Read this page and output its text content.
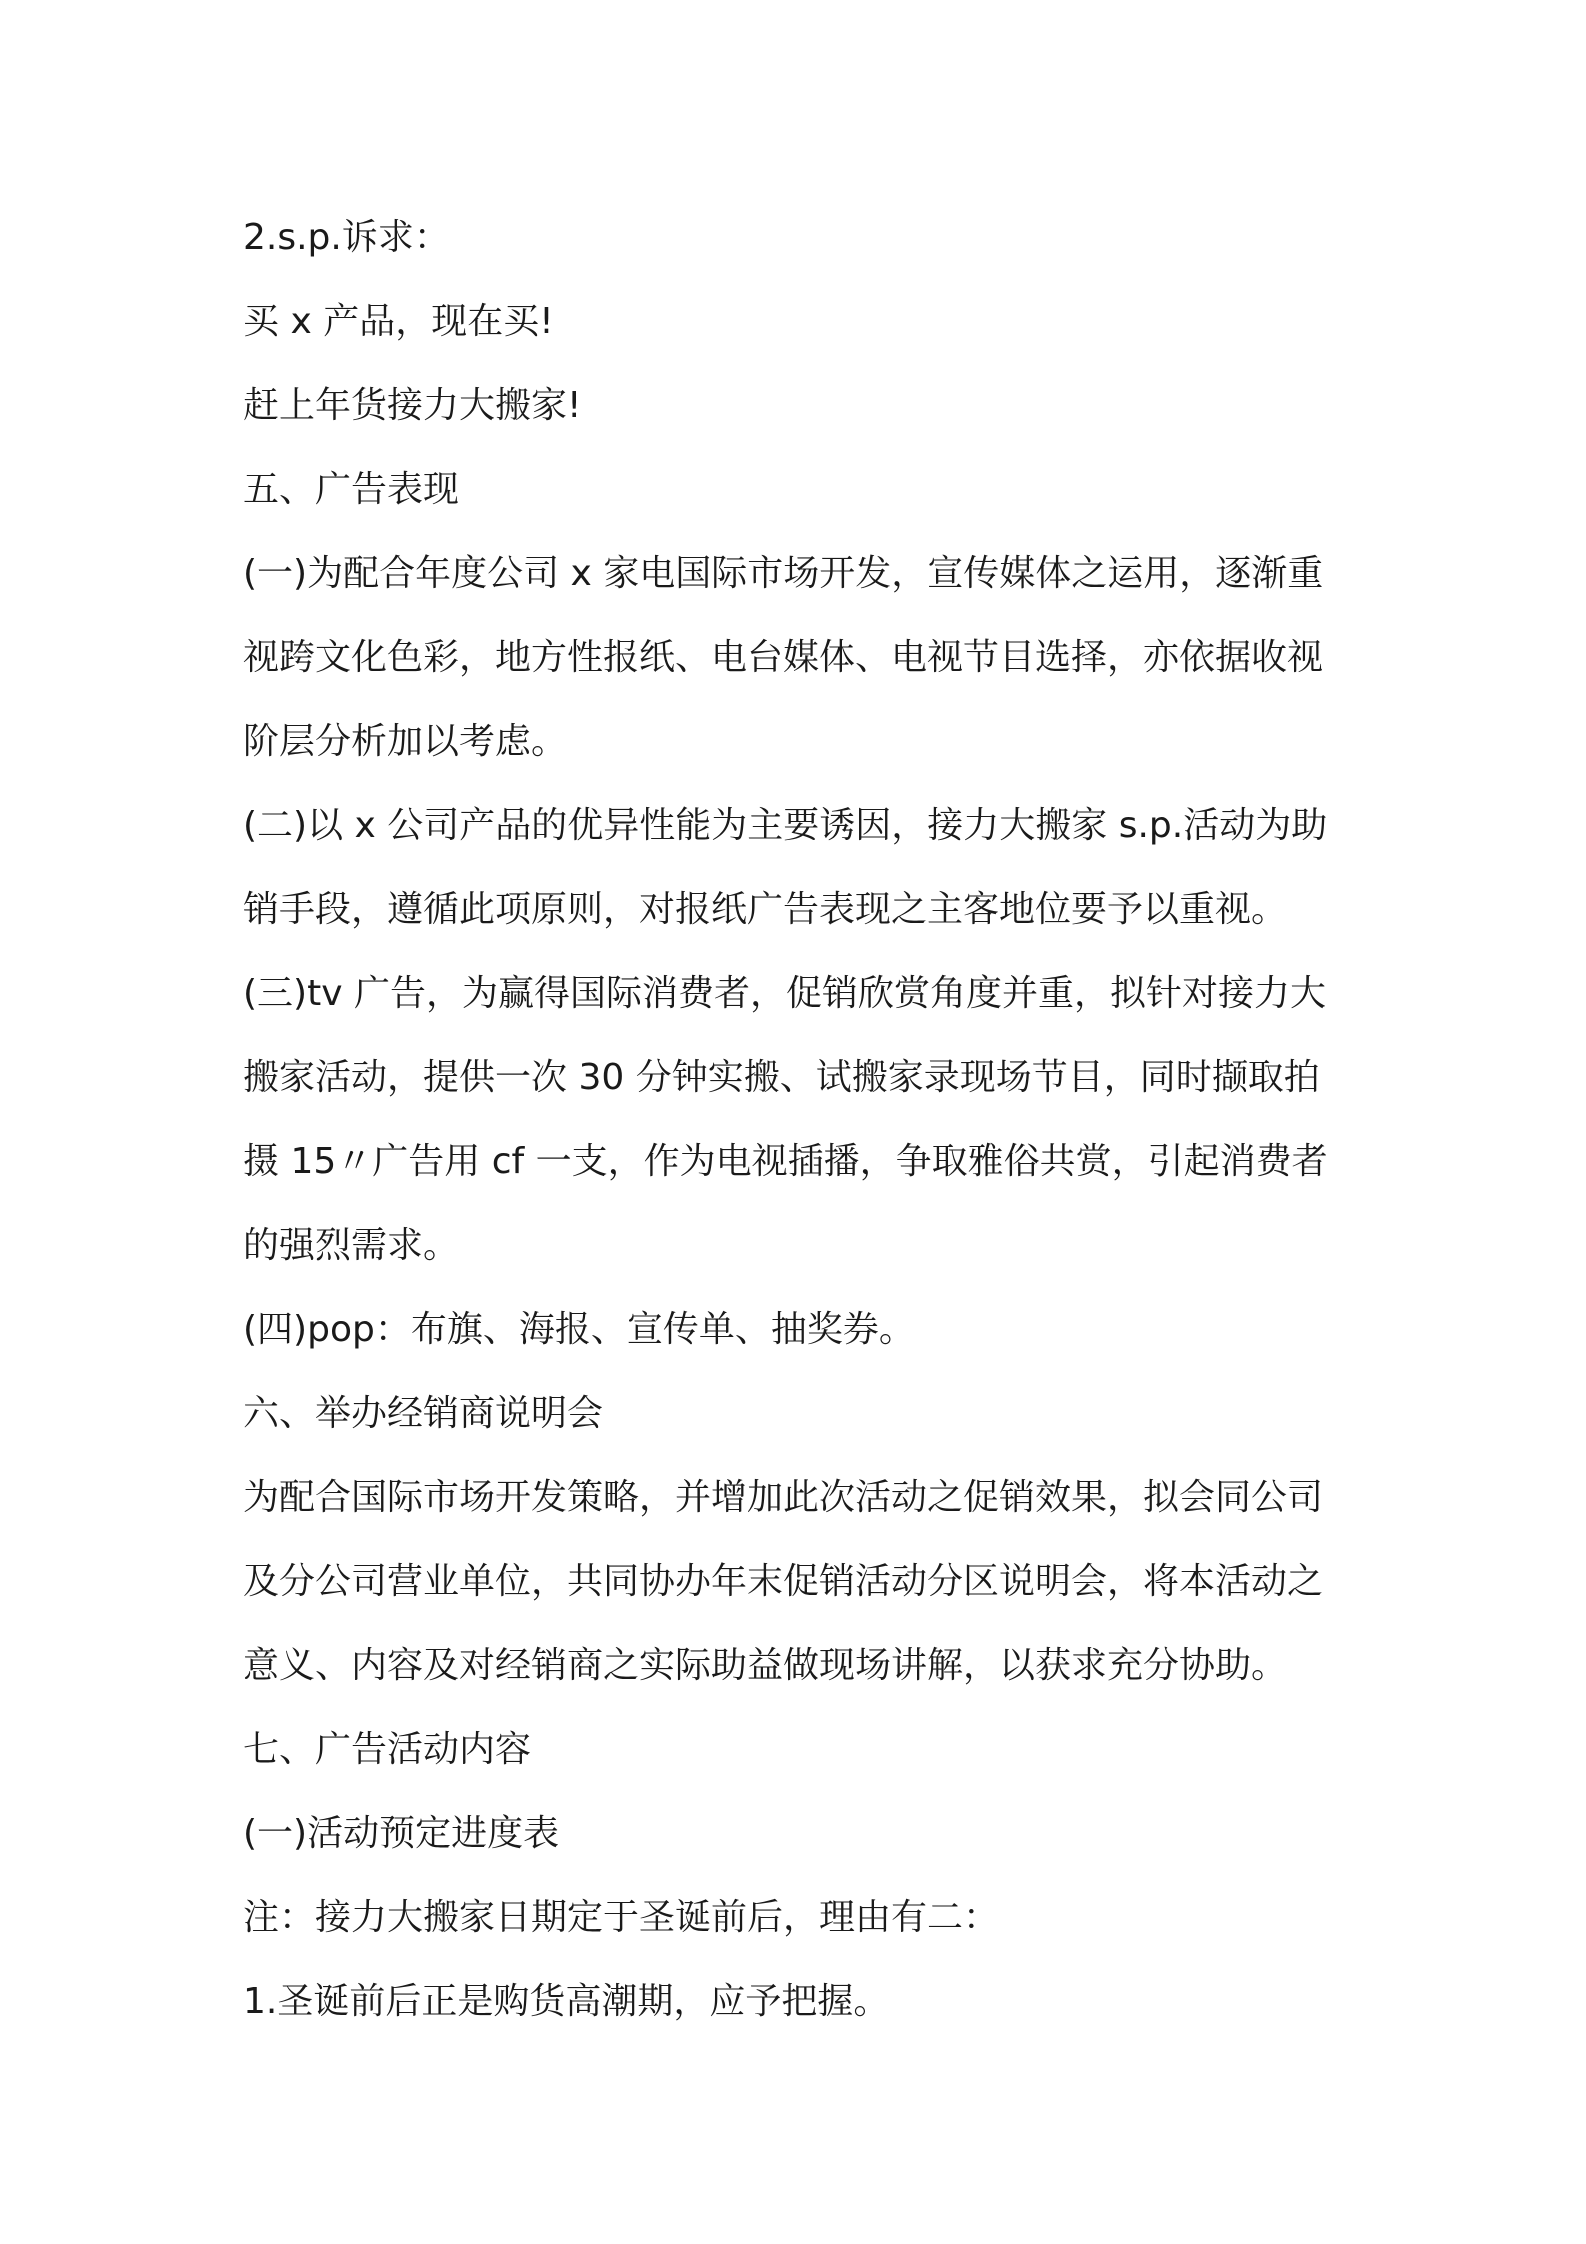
2.s.p.诉求：
买 x 产品，现在买!
赶上年货接力大搬家!
五、广告表现
(一)为配合年度公司 x 家电国际市场开发，宣传媒体之运用，逐渐重
视跨文化色彩，地方性报纸、电台媒体、电视节目选择，亦依据收视
阶层分析加以考虑。
(二)以 x 公司产品的优异性能为主要诱因，接力大搬家 s.p.活动为助
销手段，遵循此项原则，对报纸广告表现之主客地位要予以重视。
(三)tv 广告，为赢得国际消费者，促销欣赏角度并重，拟针对接力大
搬家活动，提供一次 30 分钟实搬、试搬家录现场节目，同时撷取拍
摄 15〃广告用 cf 一支，作为电视插播，争取雅俗共赏，引起消费者
的强烈需求。
(四)pop：布旗、海报、宣传单、抽奖券。
六、举办经销商说明会
为配合国际市场开发策略，并增加此次活动之促销效果，拟会同公司
及分公司营业单位，共同协办年末促销活动分区说明会，将本活动之
意义、内容及对经销商之实际助益做现场讲解，以获求充分协助。
七、广告活动内容
(一)活动预定进度表
注：接力大搬家日期定于圣诞前后，理由有二：
1.圣诞前后正是购货高潮期，应予把握。
